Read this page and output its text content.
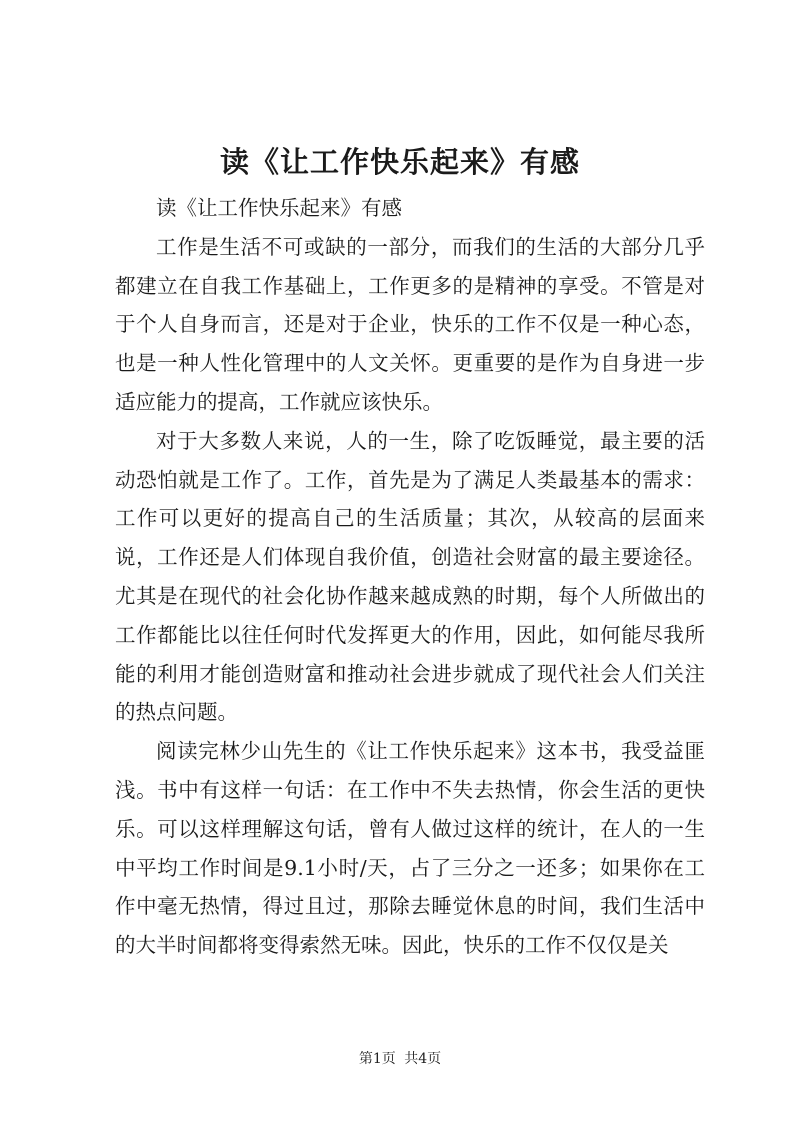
读《让工作快乐起来》有感

读《让工作快乐起来》有感

工作是生活不可或缺的一部分，而我们的生活的大部分几乎都建立在自我工作基础上，工作更多的是精神的享受。不管是对于个人自身而言，还是对于企业，快乐的工作不仅是一种心态，也是一种人性化管理中的人文关怀。更重要的是作为自身进一步适应能力的提高，工作就应该快乐。

对于大多数人来说，人的一生，除了吃饭睡觉，最主要的活动恐怕就是工作了。工作，首先是为了满足人类最基本的需求：工作可以更好的提高自己的生活质量；其次，从较高的层面来说，工作还是人们体现自我价值，创造社会财富的最主要途径。尤其是在现代的社会化协作越来越成熟的时期，每个人所做出的工作都能比以往任何时代发挥更大的作用，因此，如何能尽我所能的利用才能创造财富和推动社会进步就成了现代社会人们关注的热点问题。

阅读完林少山先生的《让工作快乐起来》这本书，我受益匪浅。书中有这样一句话：在工作中不失去热情，你会生活的更快乐。可以这样理解这句话，曾有人做过这样的统计，在人的一生中平均工作时间是9.1小时/天，占了三分之一还多；如果你在工作中毫无热情，得过且过，那除去睡觉休息的时间，我们生活中的大半时间都将变得索然无味。因此，快乐的工作不仅仅是关

第1页 共4页
